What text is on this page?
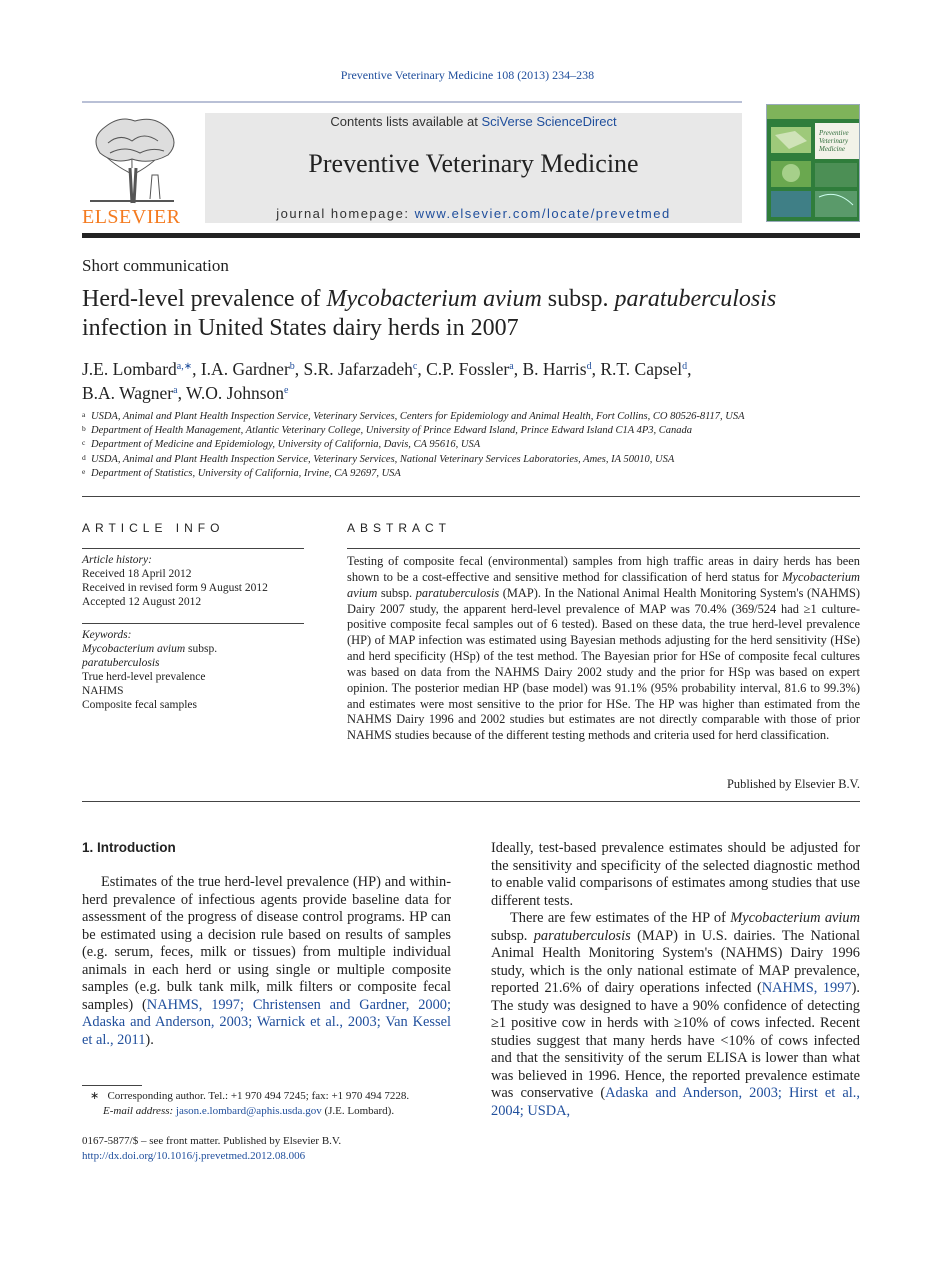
Preventive Veterinary Medicine 108 (2013) 234–238
ELSEVIER
Contents lists available at SciVerse ScienceDirect
Preventive Veterinary Medicine
journal homepage: www.elsevier.com/locate/prevetmed
Preventive Veterinary Medicine
Short communication
Herd-level prevalence of Mycobacterium avium subsp. paratuberculosis infection in United States dairy herds in 2007
J.E. Lombard$^{a,∗}$, I.A. Gardner$^b$, S.R. Jafarzadeh$^c$, C.P. Fossler$^a$, B. Harris$^d$, R.T. Capsel$^d$,
B.A. Wagner$^a$, W.O. Johnson$^e$
a USDA, Animal and Plant Health Inspection Service, Veterinary Services, Centers for Epidemiology and Animal Health, Fort Collins, CO 80526-8117, USA
b Department of Health Management, Atlantic Veterinary College, University of Prince Edward Island, Prince Edward Island C1A 4P3, Canada
c Department of Medicine and Epidemiology, University of California, Davis, CA 95616, USA
d USDA, Animal and Plant Health Inspection Service, Veterinary Services, National Veterinary Services Laboratories, Ames, IA 50010, USA
e Department of Statistics, University of California, Irvine, CA 92697, USA
ARTICLE INFO
Article history:
Received 18 April 2012
Received in revised form 9 August 2012
Accepted 12 August 2012
Keywords:
Mycobacterium avium subsp.
paratuberculosis
True herd-level prevalence
NAHMS
Composite fecal samples
ABSTRACT
Testing of composite fecal (environmental) samples from high traffic areas in dairy herds has been shown to be a cost-effective and sensitive method for classification of herd status for Mycobacterium avium subsp. paratuberculosis (MAP). In the National Animal Health Monitoring System's (NAHMS) Dairy 2007 study, the apparent herd-level prevalence of MAP was 70.4% (369/524 had ≥1 culture-positive composite fecal samples out of 6 tested). Based on these data, the true herd-level prevalence (HP) of MAP infection was estimated using Bayesian methods adjusting for the herd sensitivity (HSe) and herd specificity (HSp) of the test method. The Bayesian prior for HSe of composite fecal cultures was based on data from the NAHMS Dairy 2002 study and the prior for HSp was based on expert opinion. The posterior median HP (base model) was 91.1% (95% probability interval, 81.6 to 99.3%) and estimates were most sensitive to the prior for HSe. The HP was higher than estimated from the NAHMS Dairy 1996 and 2002 studies but estimates are not directly comparable with those of prior NAHMS studies because of the different testing methods and criteria used for herd classification.
Published by Elsevier B.V.
1. Introduction
Estimates of the true herd-level prevalence (HP) and within-herd prevalence of infectious agents provide baseline data for assessment of the progress of disease control programs. HP can be estimated using a decision rule based on results of samples (e.g. serum, feces, milk or tissues) from multiple individual animals in each herd or using single or multiple composite samples (e.g. bulk tank milk, milk filters or composite fecal samples) (NAHMS, 1997; Christensen and Gardner, 2000; Adaska and Anderson, 2003; Warnick et al., 2003; Van Kessel et al., 2011).

Ideally, test-based prevalence estimates should be adjusted for the sensitivity and specificity of the selected diagnostic method to enable valid comparisons of estimates among studies that use different tests.

There are few estimates of the HP of Mycobacterium avium subsp. paratuberculosis (MAP) in U.S. dairies. The National Animal Health Monitoring System's (NAHMS) Dairy 1996 study, which is the only national estimate of MAP prevalence, reported 21.6% of dairy operations infected (NAHMS, 1997). The study was designed to have a 90% confidence of detecting ≥1 positive cow in herds with ≥10% of cows infected. Recent studies suggest that many herds have <10% of cows infected and that the sensitivity of the serum ELISA is lower than what was believed in 1996. Hence, the reported prevalence estimate was conservative (Adaska and Anderson, 2003; Hirst et al., 2004; USDA,

∗ Corresponding author. Tel.: +1 970 494 7245; fax: +1 970 494 7228.
E-mail address: jason.e.lombard@aphis.usda.gov (J.E. Lombard).
0167-5877/$ – see front matter. Published by Elsevier B.V.
http://dx.doi.org/10.1016/j.prevetmed.2012.08.006
